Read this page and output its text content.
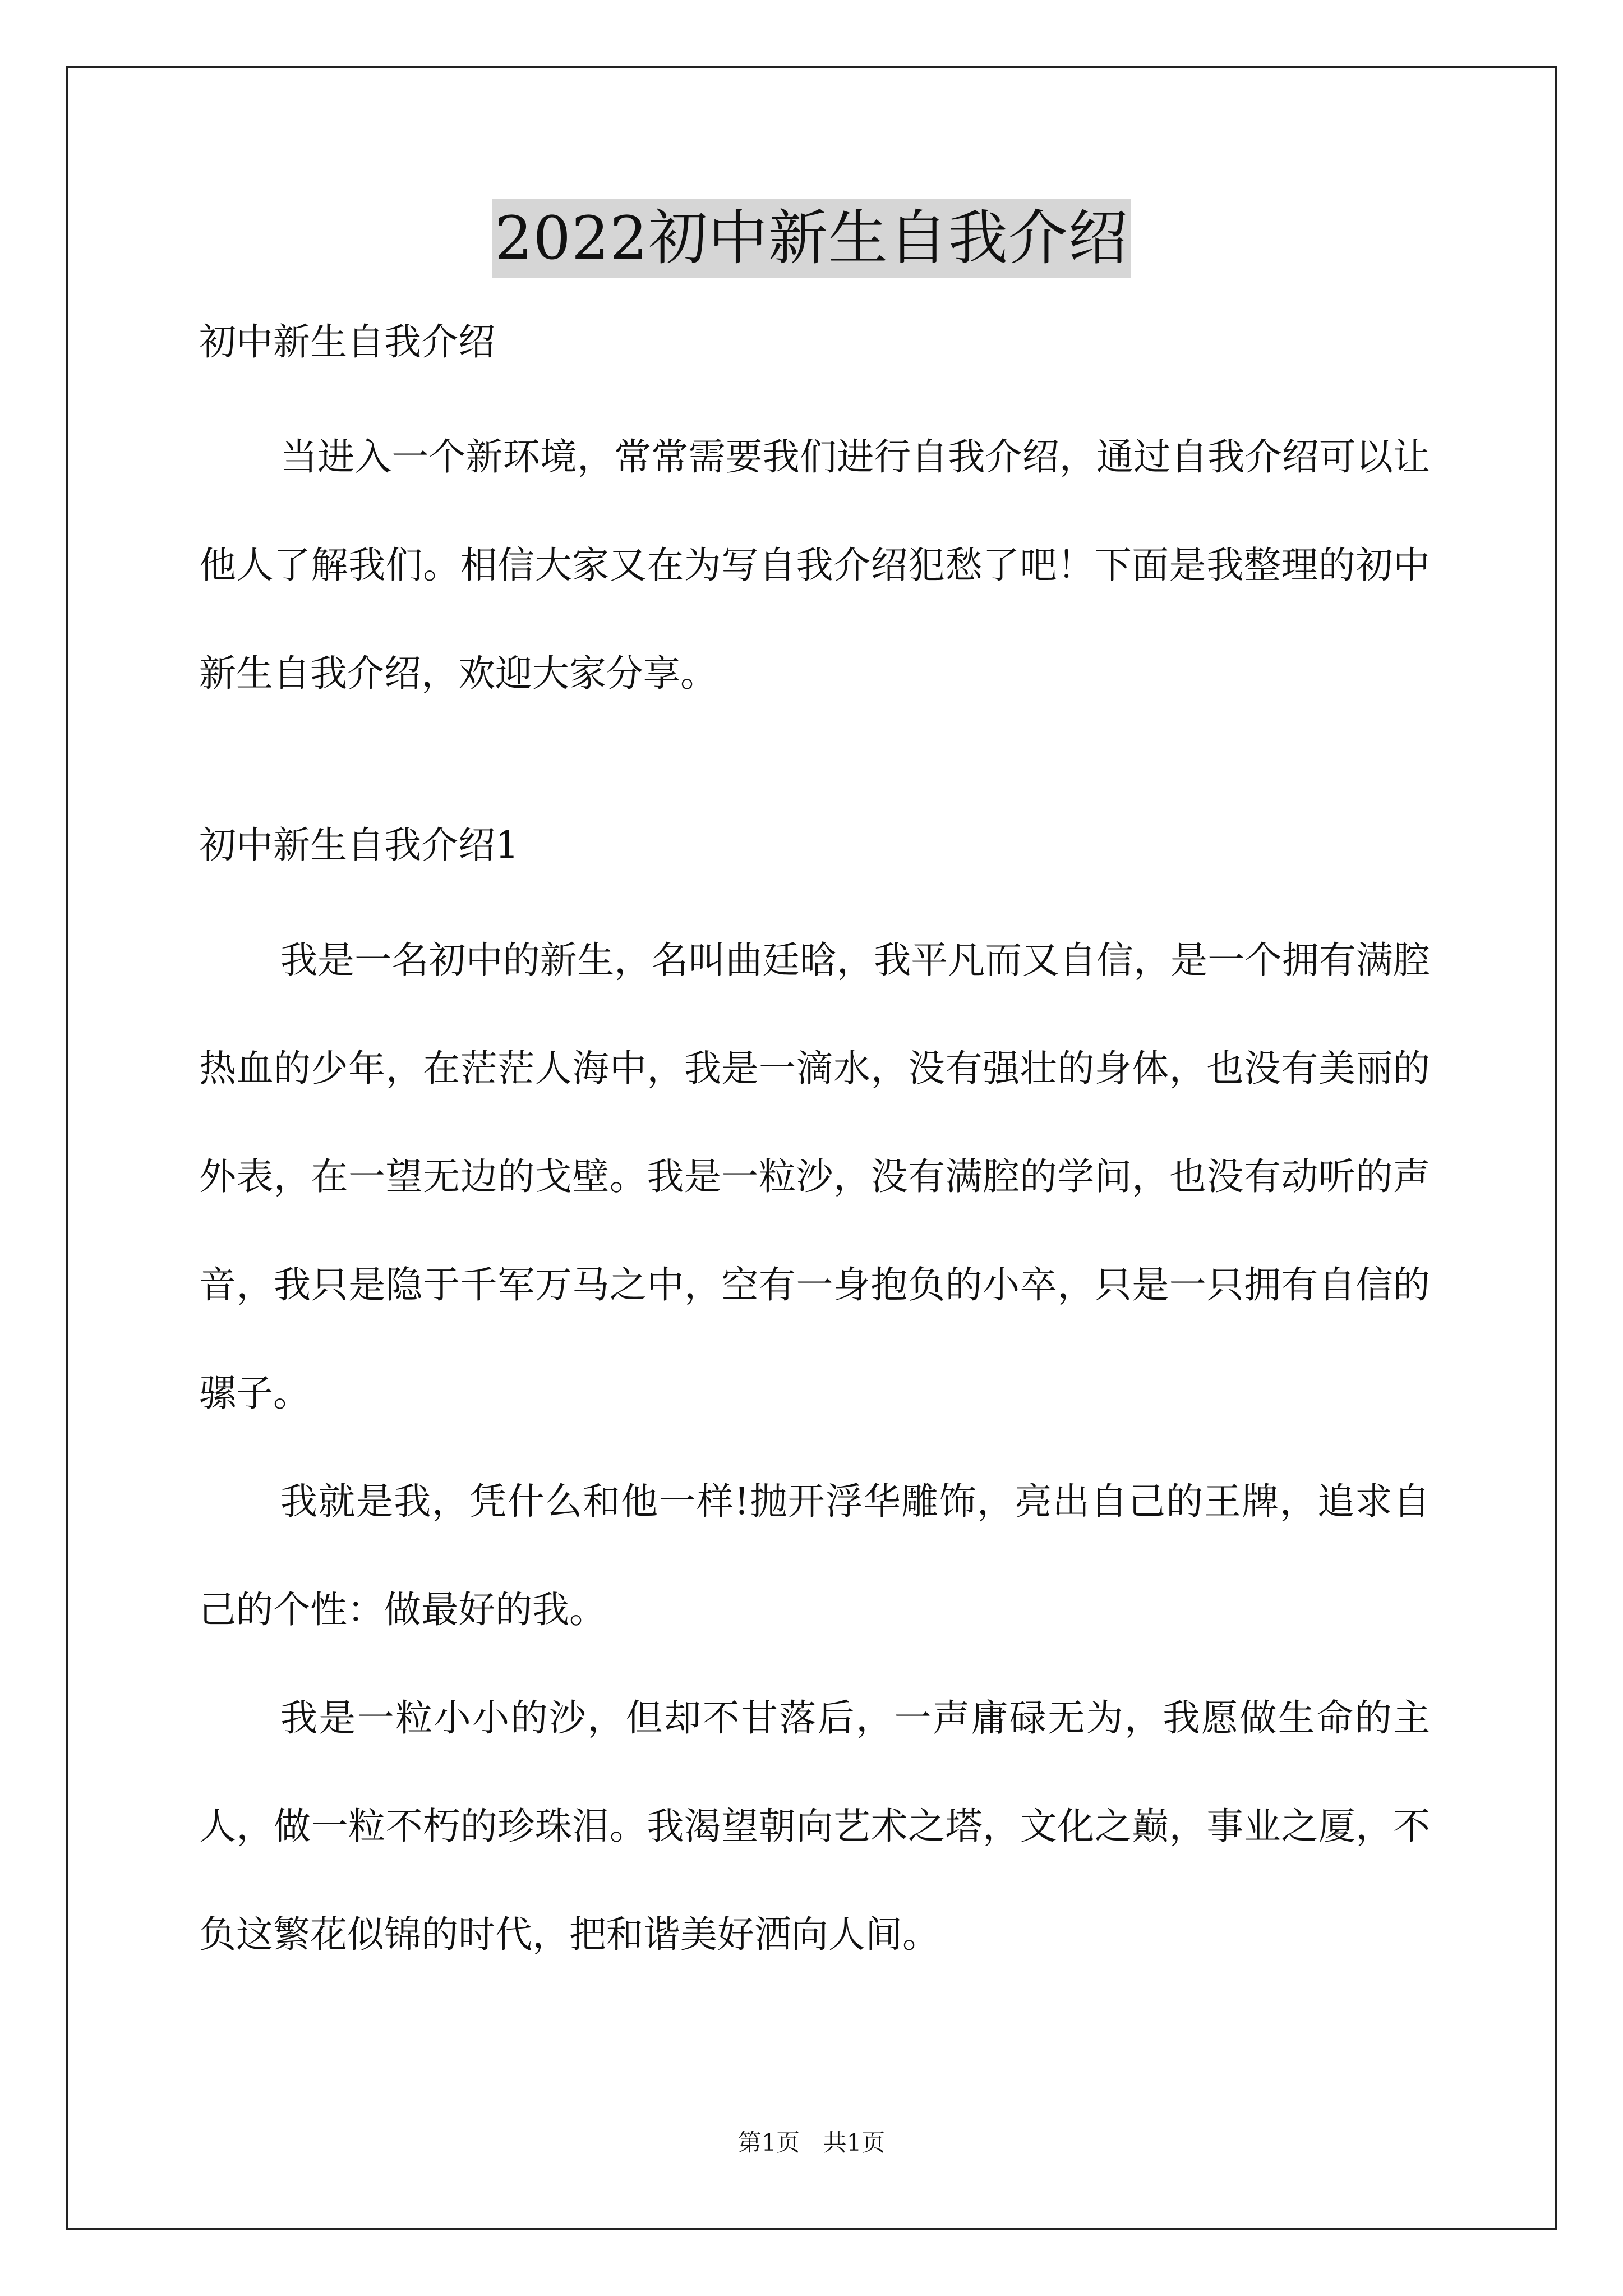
2022初中新生自我介绍

初中新生自我介绍

当进入一个新环境，常常需要我们进行自我介绍，通过自我介绍可以让他人了解我们。相信大家又在为写自我介绍犯愁了吧！下面是我整理的初中新生自我介绍，欢迎大家分享。

初中新生自我介绍1

我是一名初中的新生，名叫曲廷晗，我平凡而又自信，是一个拥有满腔热血的少年，在茫茫人海中，我是一滴水，没有强壮的身体，也没有美丽的外表，在一望无边的戈壁。我是一粒沙，没有满腔的学问，也没有动听的声音，我只是隐于千军万马之中，空有一身抱负的小卒，只是一只拥有自信的骡子。

我就是我，凭什么和他一样!抛开浮华雕饰，亮出自己的王牌，追求自己的个性：做最好的我。

我是一粒小小的沙，但却不甘落后，一声庸碌无为，我愿做生命的主人，做一粒不朽的珍珠泪。我渴望朝向艺术之塔，文化之巅，事业之厦，不负这繁花似锦的时代，把和谐美好洒向人间。

第1页 共1页
